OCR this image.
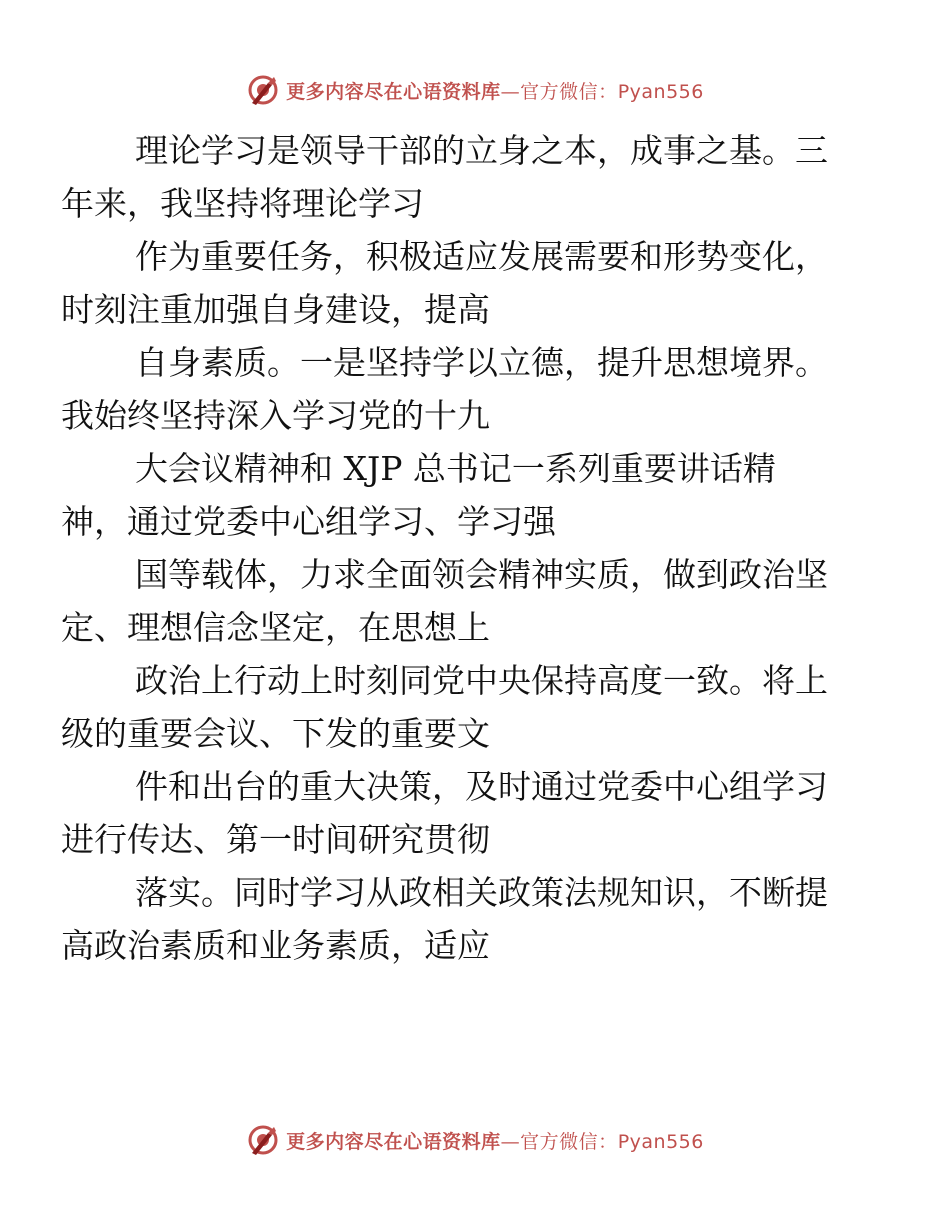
更多内容尽在心语资料库—官方微信：Pyan556

理论学习是领导干部的立身之本，成事之基。三
年来，我坚持将理论学习

作为重要任务，积极适应发展需要和形势变化，
时刻注重加强自身建设，提高

自身素质。一是坚持学以立德，提升思想境界。
我始终坚持深入学习党的十九

大会议精神和 XJP 总书记一系列重要讲话精
神，通过党委中心组学习、学习强

国等载体，力求全面领会精神实质，做到政治坚
定、理想信念坚定，在思想上

政治上行动上时刻同党中央保持高度一致。将上
级的重要会议、下发的重要文

件和出台的重大决策，及时通过党委中心组学习
进行传达、第一时间研究贯彻

落实。同时学习从政相关政策法规知识，不断提
高政治素质和业务素质，适应

更多内容尽在心语资料库—官方微信：Pyan556
